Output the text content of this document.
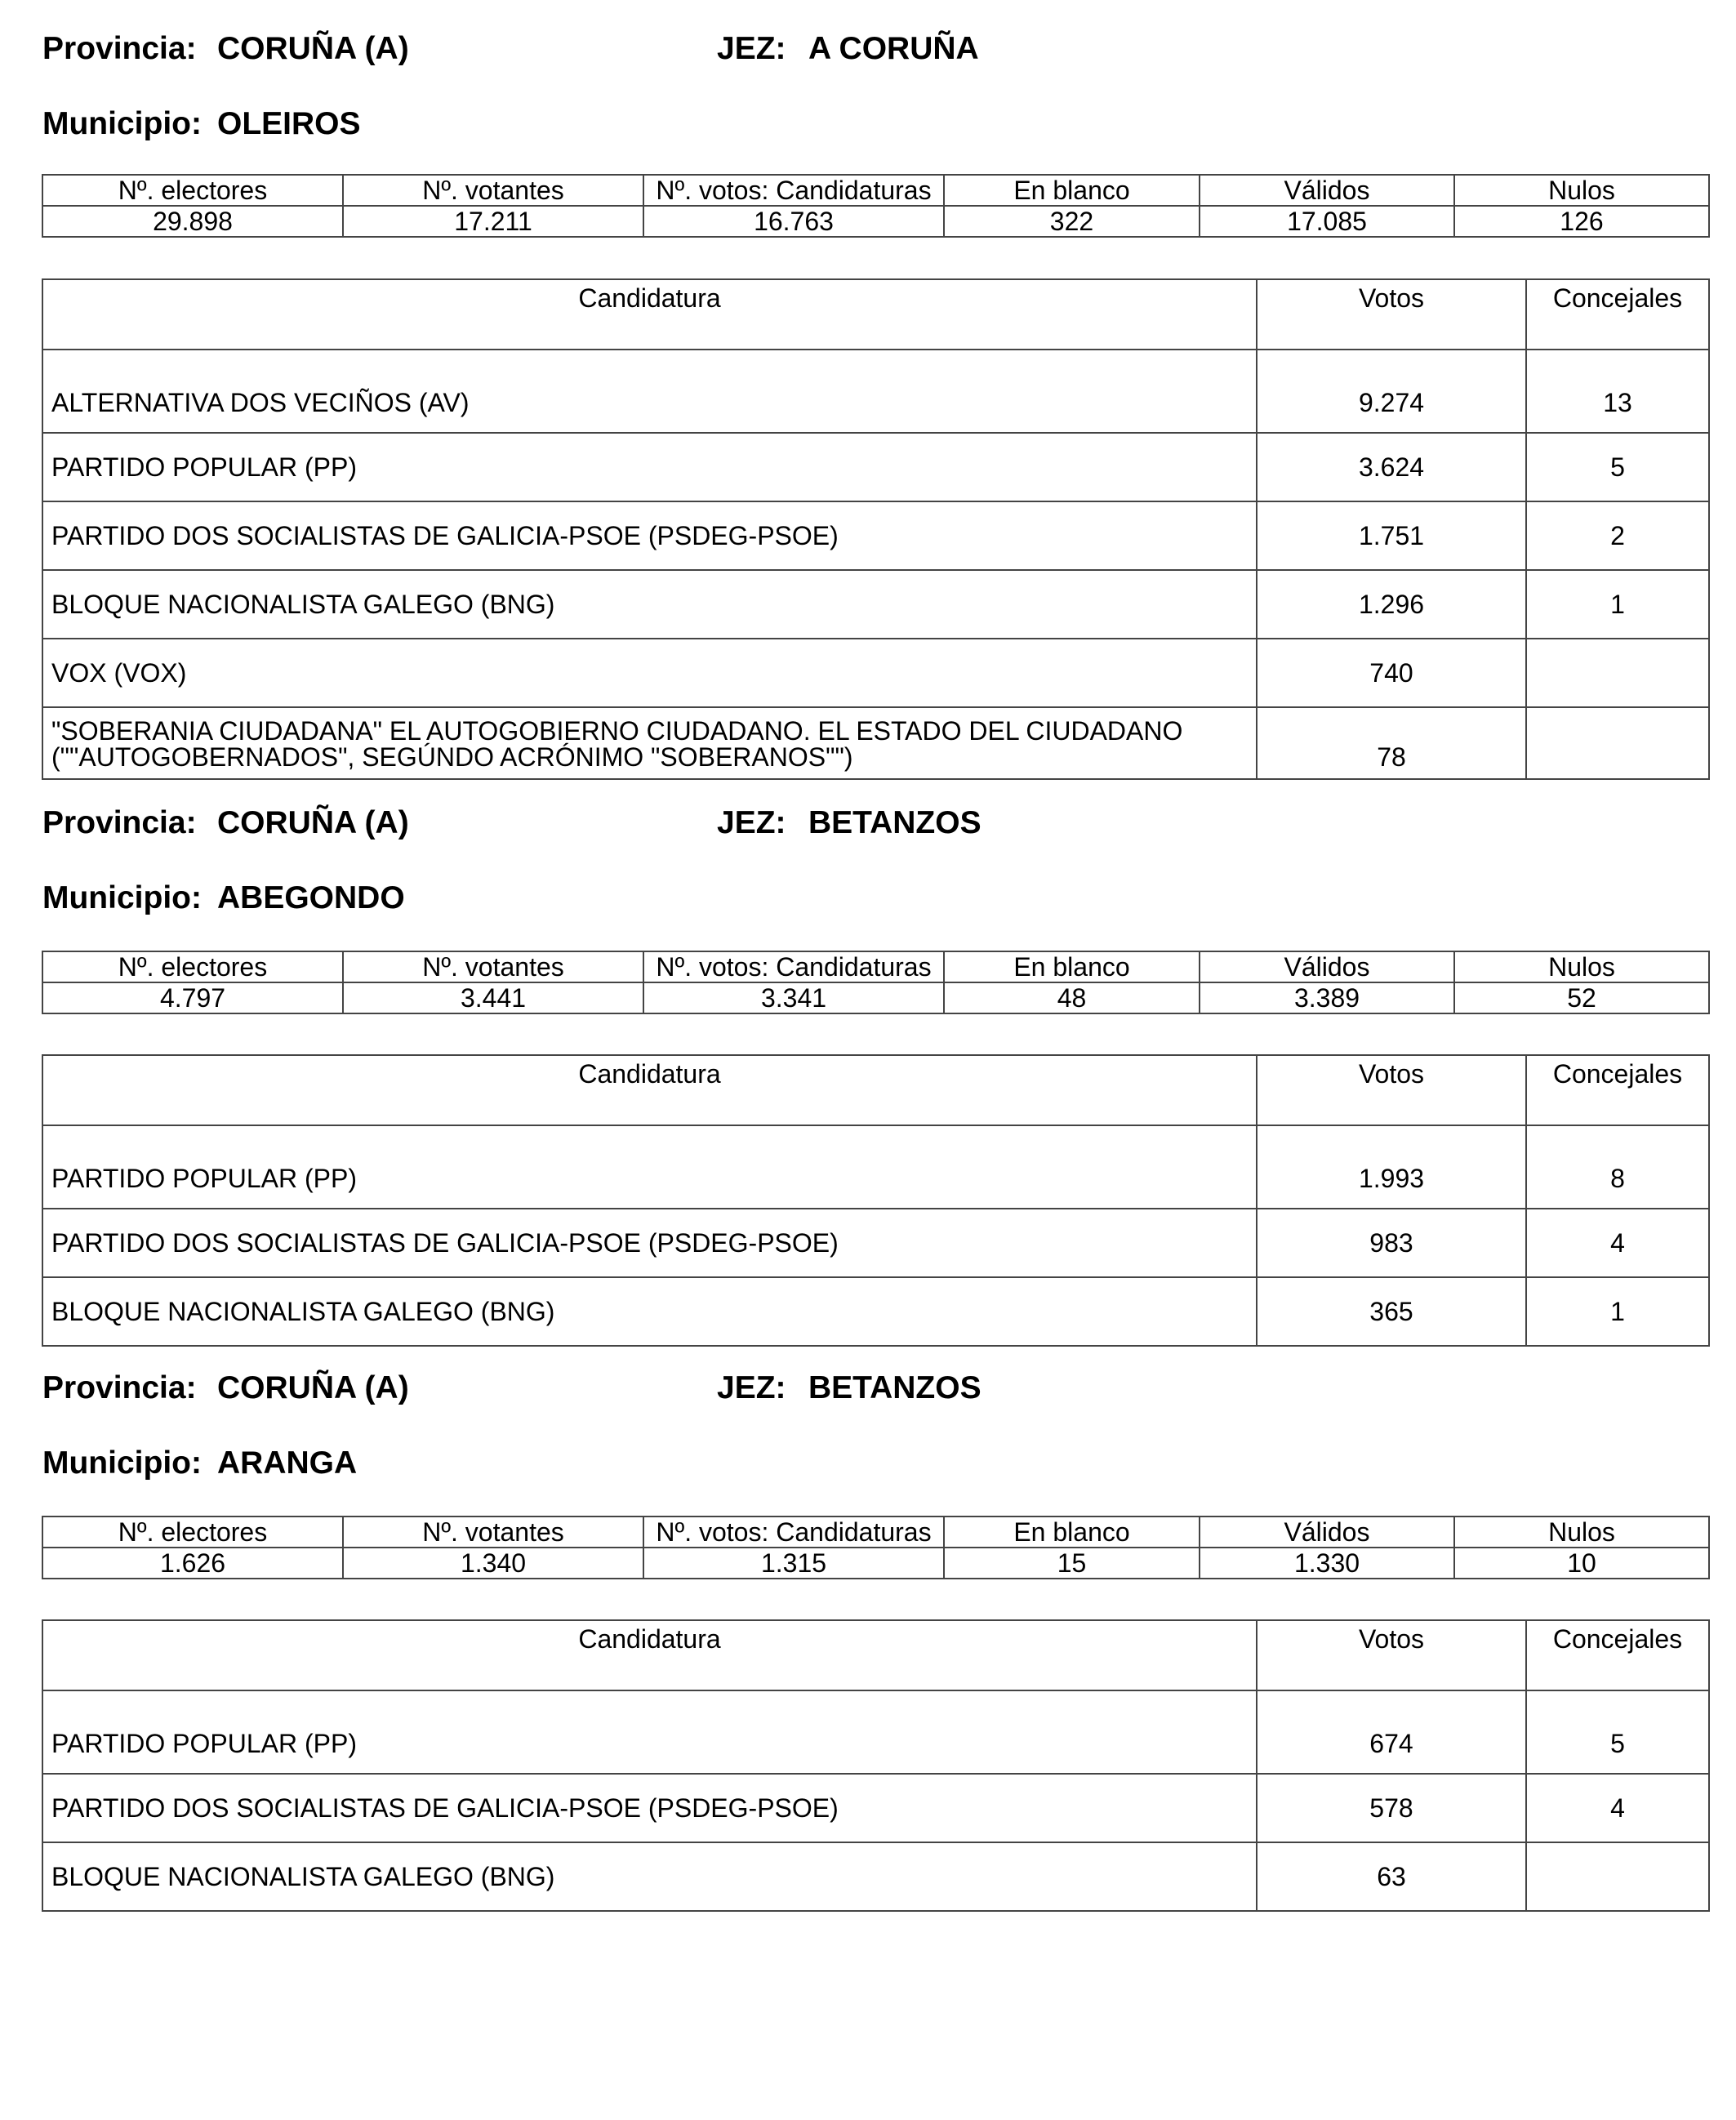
Provincia: CORUÑA (A)	JEZ: A CORUÑA
Municipio: OLEIROS
Nº. electores	Nº. votantes	Nº. votos: Candidaturas	En blanco	Válidos	Nulos
29.898	17.211	16.763	322	17.085	126
Candidatura	Votos	Concejales
ALTERNATIVA DOS VECIÑOS (AV)	9.274	13
PARTIDO POPULAR (PP)	3.624	5
PARTIDO DOS SOCIALISTAS DE GALICIA-PSOE (PSDEG-PSOE)	1.751	2
BLOQUE NACIONALISTA GALEGO (BNG)	1.296	1
VOX (VOX)	740	

"SOBERANIA CIUDADANA" EL AUTOGOBIERNO CIUDADANO. EL ESTADO DEL CIUDADANO
(""AUTOGOBERNADOS", SEGÚNDO ACRÓNIMO "SOBERANOS"")	78	
Provincia: CORUÑA (A)	JEZ: BETANZOS
Municipio: ABEGONDO
Nº. electores	Nº. votantes	Nº. votos: Candidaturas	En blanco	Válidos	Nulos
4.797	3.441	3.341	48	3.389	52
Candidatura	Votos	Concejales
PARTIDO POPULAR (PP)	1.993	8
PARTIDO DOS SOCIALISTAS DE GALICIA-PSOE (PSDEG-PSOE)	983	4
BLOQUE NACIONALISTA GALEGO (BNG)	365	1
Provincia: CORUÑA (A)	JEZ: BETANZOS
Municipio: ARANGA
Nº. electores	Nº. votantes	Nº. votos: Candidaturas	En blanco	Válidos	Nulos
1.626	1.340	1.315	15	1.330	10
Candidatura	Votos	Concejales
PARTIDO POPULAR (PP)	674	5
PARTIDO DOS SOCIALISTAS DE GALICIA-PSOE (PSDEG-PSOE)	578	4
BLOQUE NACIONALISTA GALEGO (BNG)	63	
